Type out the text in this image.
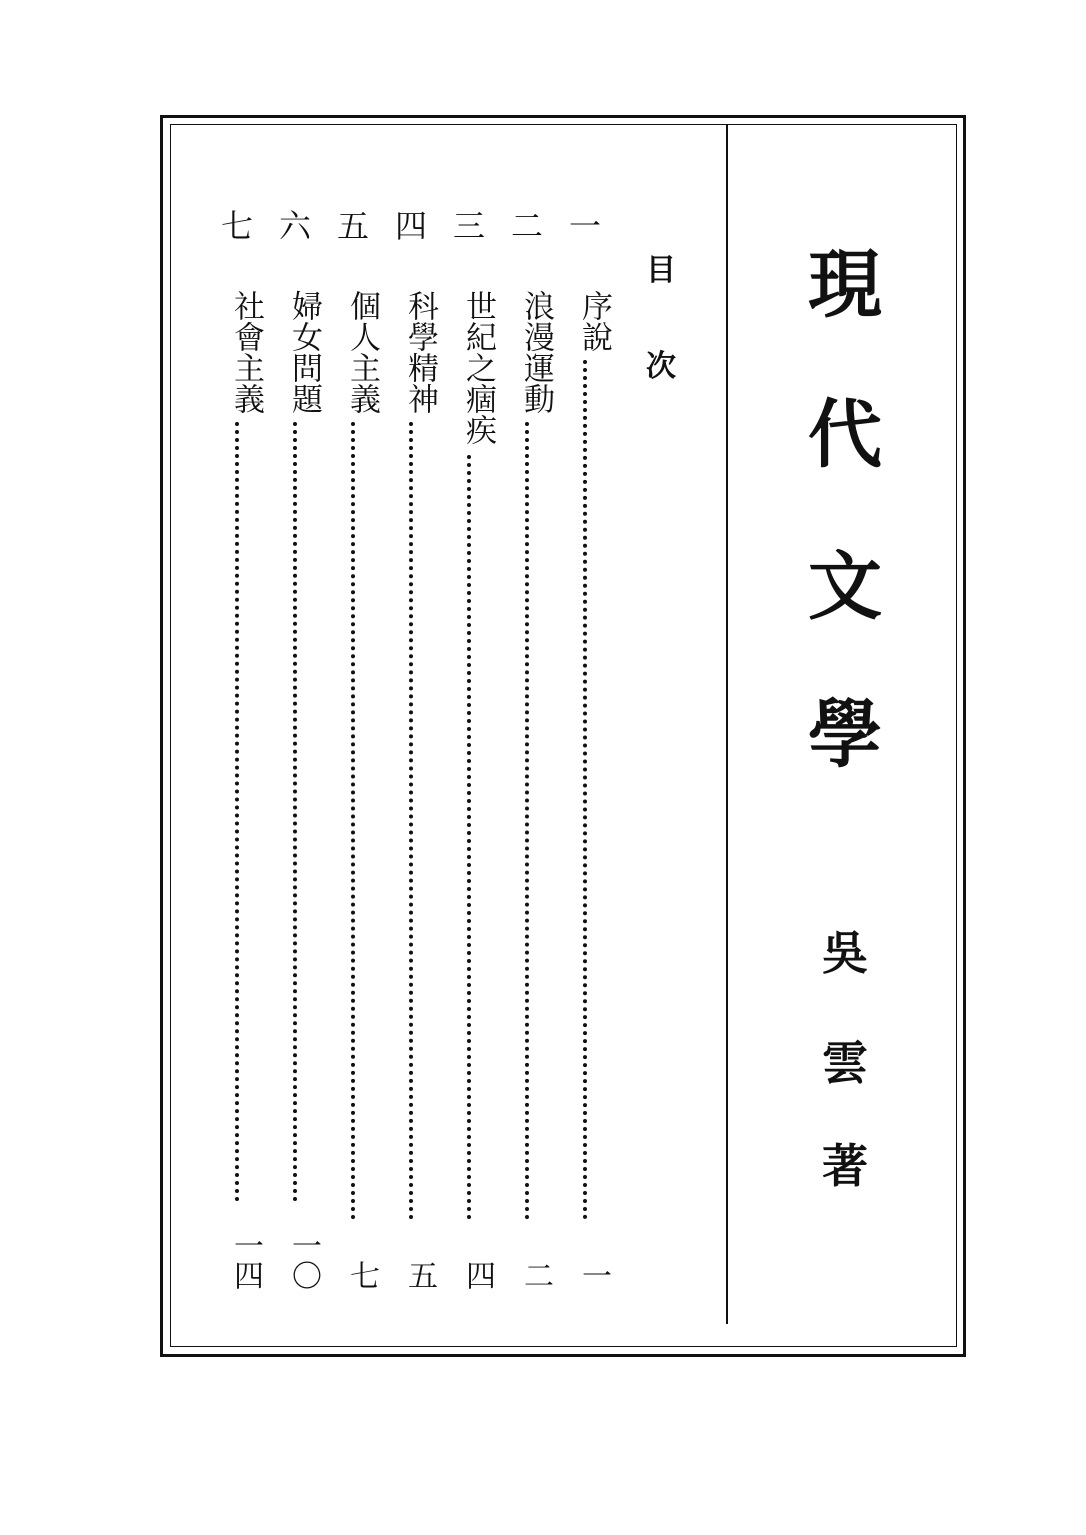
現
代
文
學
吳
雲
著
目
次
一
序說
一
二
浪漫運動
二
三
世紀之痼疾
四
四
科學精神
五
五
個人主義
七
六
婦女問題
一〇
七
社會主義
一四
